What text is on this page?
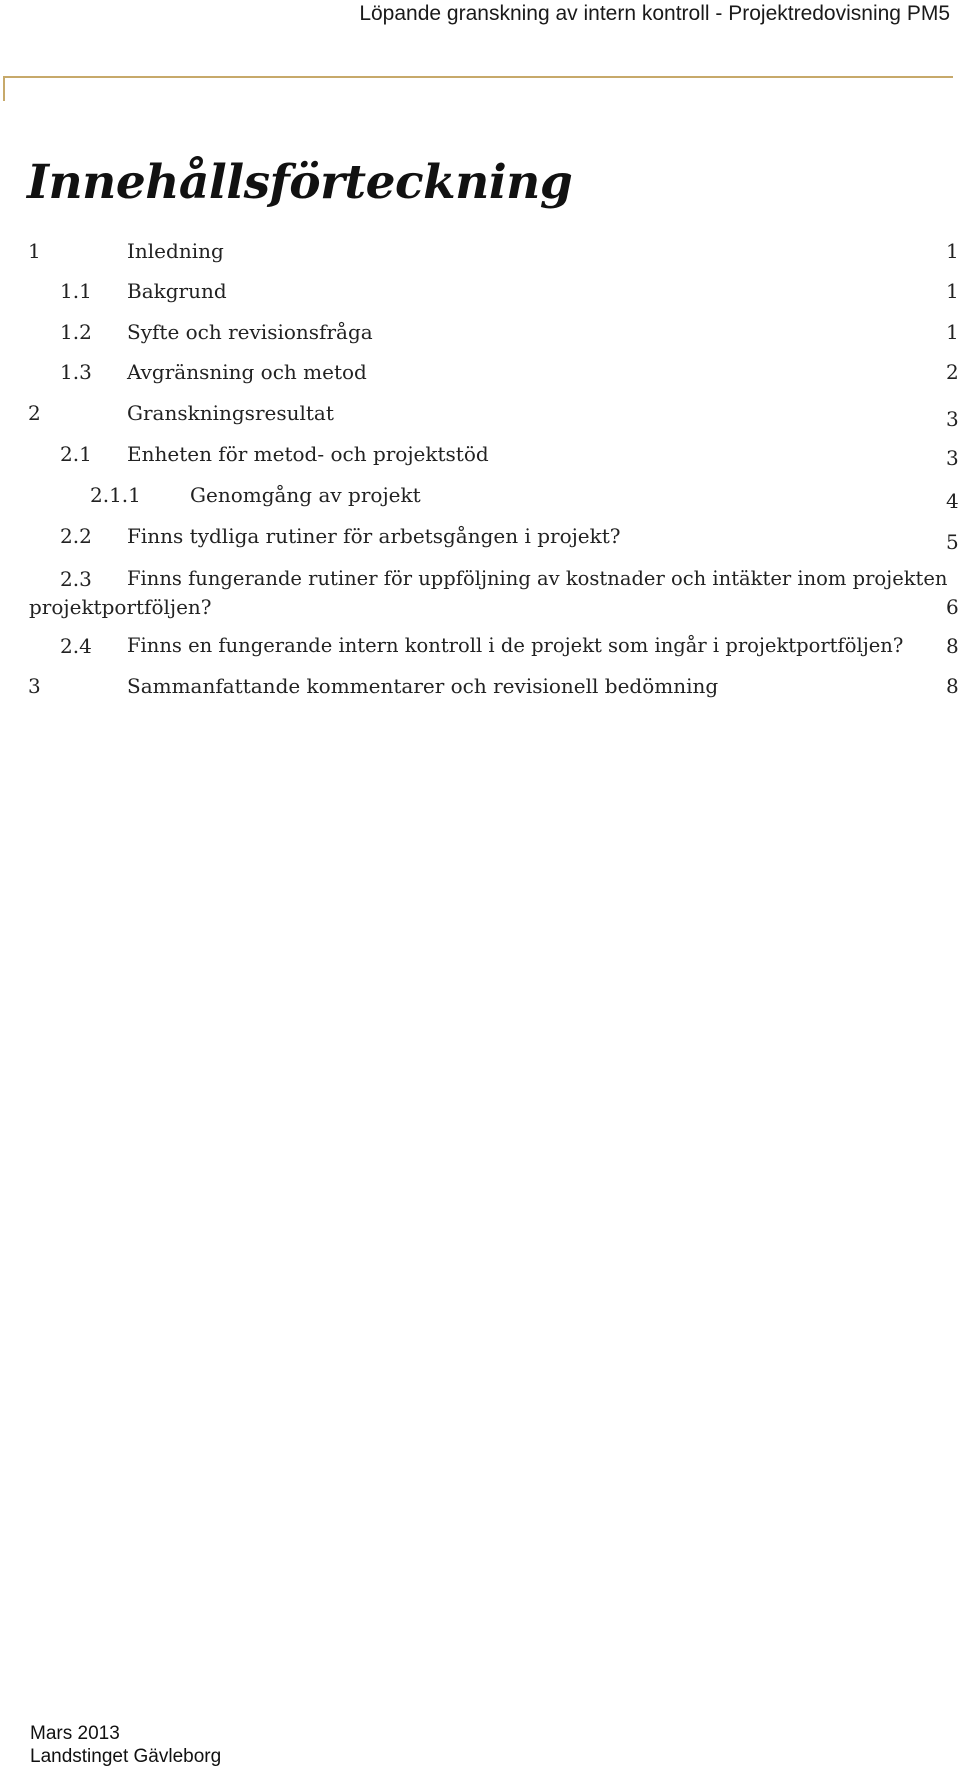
Löpande granskning av intern kontroll - Projektredovisning PM5
Innehållsförteckning
1	Inledning	1
1.1 Bakgrund	1
1.2 Syfte och revisionsfråga	1
1.3 Avgränsning och metod	2
2	Granskningsresultat	3
2.1 Enheten för metod- och projektstöd	3
2.1.1 Genomgång av projekt	4
2.2 Finns tydliga rutiner för arbetsgången i projekt?	5
2.3 Finns fungerande rutiner för uppföljning av kostnader och intäkter inom projekten
projektportföljen?	6
2.4 Finns en fungerande intern kontroll i de projekt som ingår i projektportföljen? 8
3	Sammanfattande kommentarer och revisionell bedömning	8
Mars 2013
Landstinget Gävleborg
